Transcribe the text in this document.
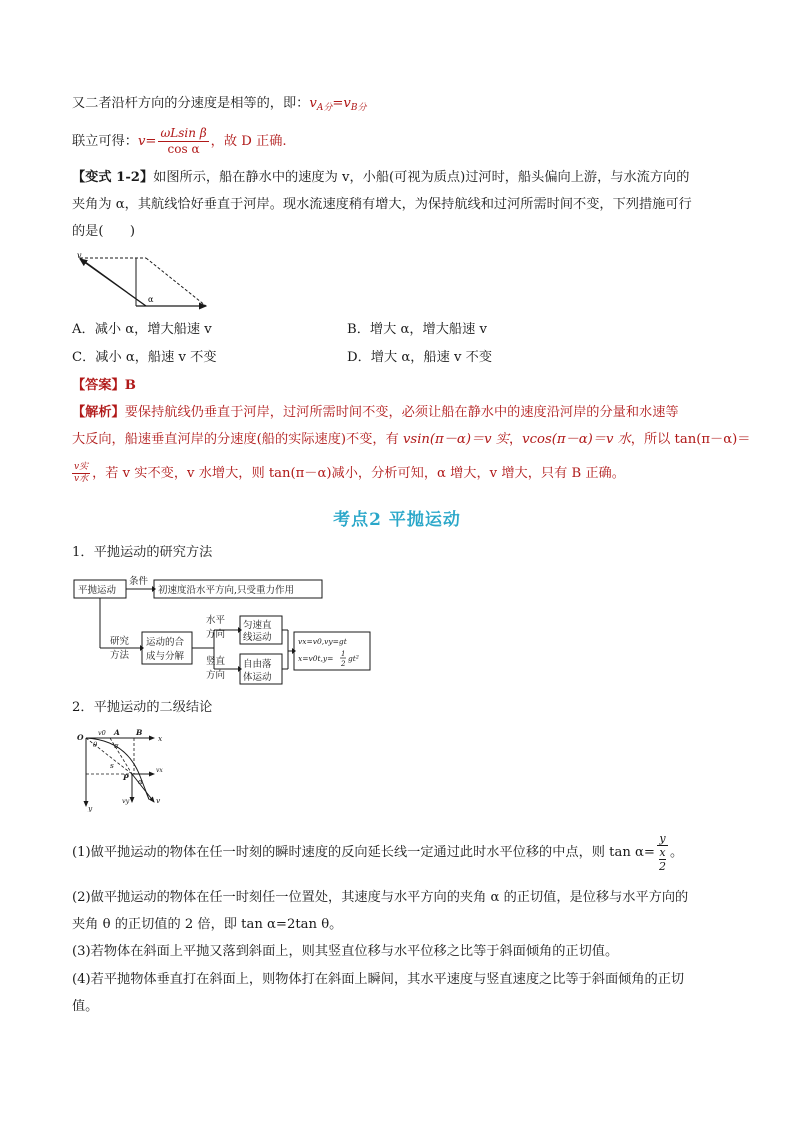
又二者沿杆方向的分速度是相等的，即：$v_{A分}=v_{B分}$
联立可得：$v= \frac{\text{ωLsin β}}{\text{cos α}}$ ，故 D 正确.
【变式 1-2】如图所示，船在静水中的速度为 v，小船(可视为质点)过河时，船头偏向上游，与水流方向的
夹角为 α，其航线恰好垂直于河岸。现水流速度稍有增大，为保持航线和过河所需时间不变，下列措施可行
的是(　　)
v
α
A．减小 α，增大船速 v	B．增大 α，增大船速 v
C．减小 α，船速 v 不变	D．增大 α，船速 v 不变
【答案】B
【解析】要保持航线仍垂直于河岸，过河所需时间不变，必须让船在静水中的速度沿河岸的分量和水速等
大反向，船速垂直河岸的分速度(船的实际速度)不变，有 vsin(π－α)＝v 实，vcos(π－α)＝v 水，所以 tan(π－α)＝
$\frac{\text{v实}}{\text{v水}}$ ，若 v 实不变，v 水增大，则 tan(π－α)减小，分析可知，α 增大，v 增大，只有 B 正确。
考点2 平抛运动
1．平抛运动的研究方法
平抛运动
条件
初速度沿水平方向,只受重力作用
研究
方法
运动的合
成与分解
水平
方向
竖直
方向
匀速直
线运动
自由落
体运动
vx=v0,vy=gt
x=v0t,y= 1
2
gt²
2．平抛运动的二级结论
O v0 A B
x
y
θ α
s
P
vx
vy	v
α
(1)做平抛运动的物体在任一时刻的瞬时速度的反向延长线一定通过此时水平位移的中点，则 tan α= y
x
2 。
(2)做平抛运动的物体在任一时刻任一位置处，其速度与水平方向的夹角 α 的正切值，是位移与水平方向的
夹角 θ 的正切值的 2 倍，即 tan α=2tan θ。
(3)若物体在斜面上平抛又落到斜面上，则其竖直位移与水平位移之比等于斜面倾角的正切值。
(4)若平抛物体垂直打在斜面上，则物体打在斜面上瞬间，其水平速度与竖直速度之比等于斜面倾角的正切
值。
